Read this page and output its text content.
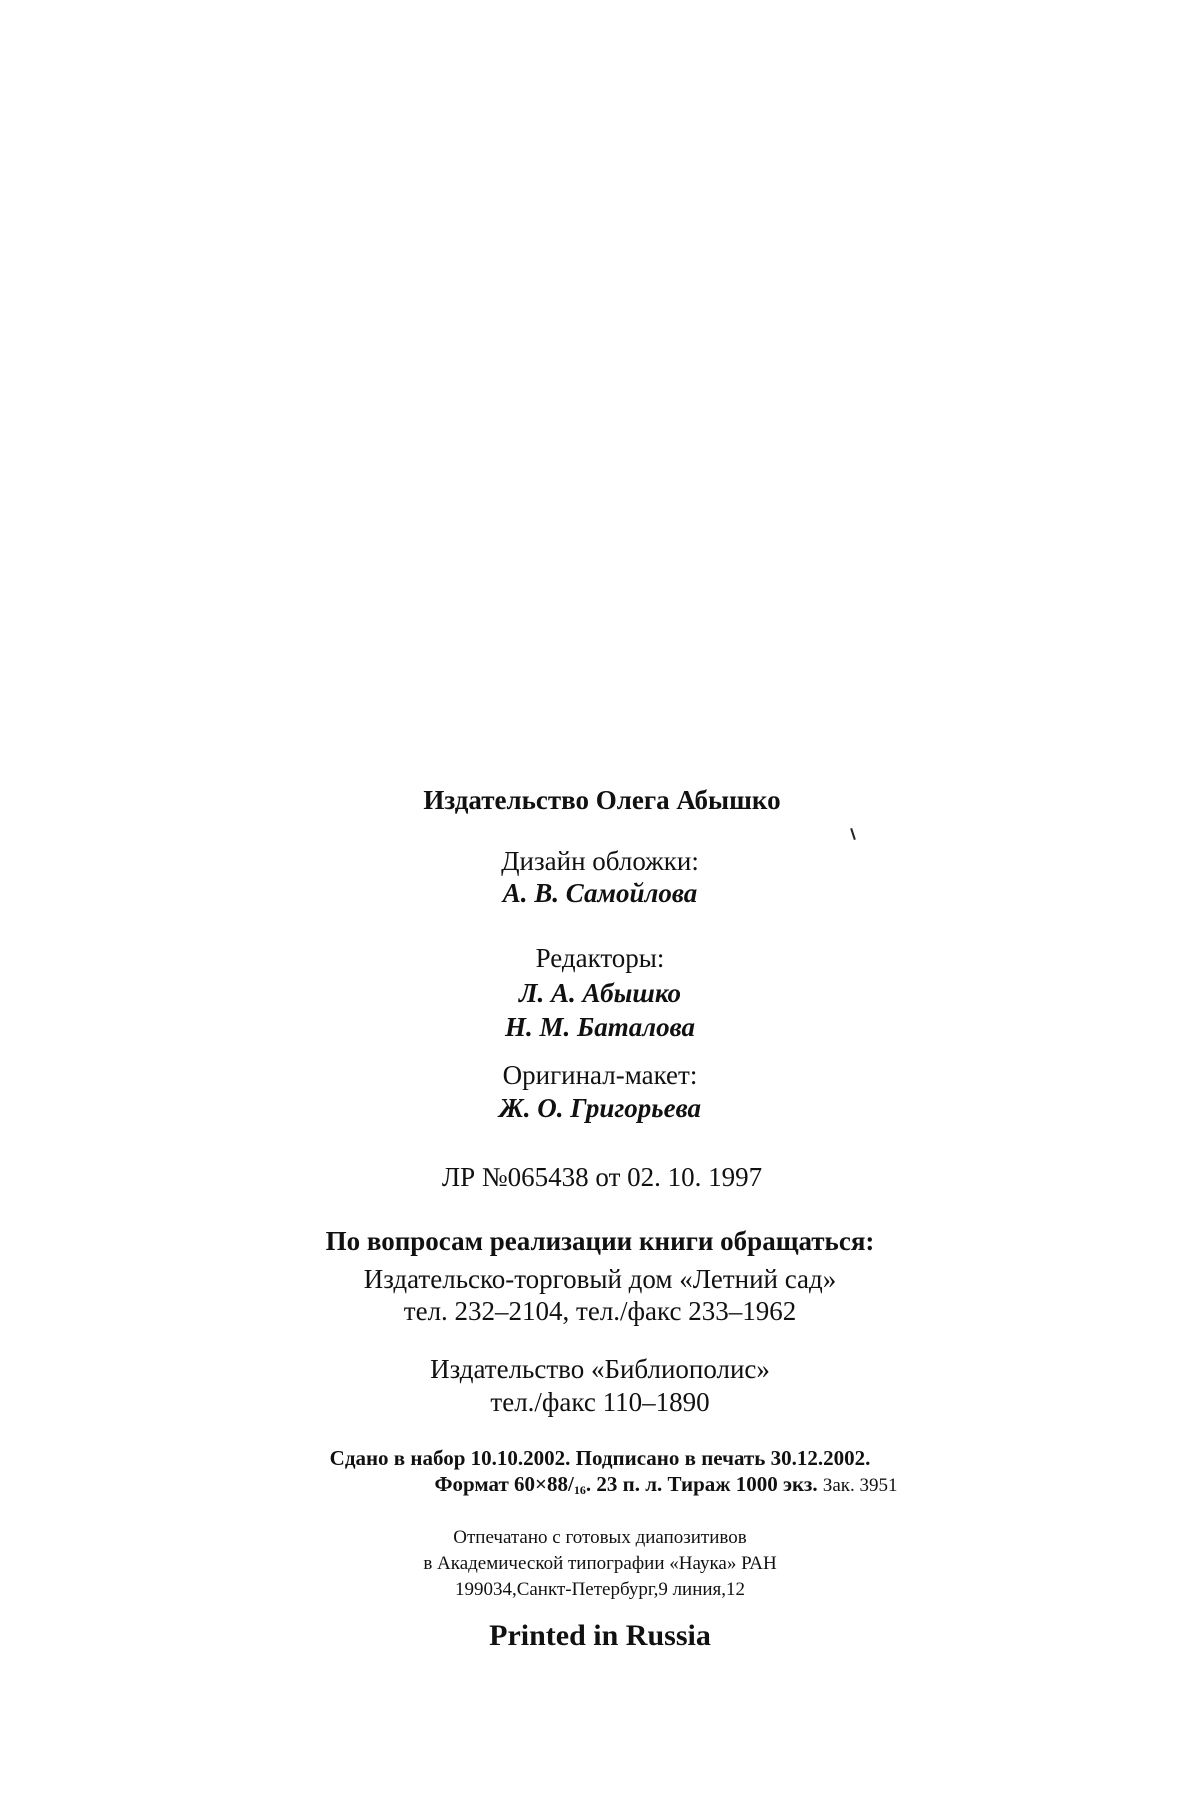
Издательство Олега Абышко
Дизайн обложки:
А. В. Самойлова
Редакторы:
Л. А. Абышко
Н. М. Баталова
Оригинал-макет:
Ж. О. Григорьева
ЛР №065438 от 02. 10. 1997
По вопросам реализации книги обращаться:
Издательско-торговый дом «Летний сад»
тел. 232–2104, тел./факс 233–1962
Издательство «Библиополис»
тел./факс 110–1890
Сдано в набор 10.10.2002. Подписано в печать 30.12.2002.
Формат $60\times 88/_{16}$. 23 п. л. Тираж 1000 экз. Зак. 3951
Отпечатано с готовых диапозитивов
в Академической типографии «Наука» РАН
199034,Санкт-Петербург,9 линия,12
Printed in Russia
